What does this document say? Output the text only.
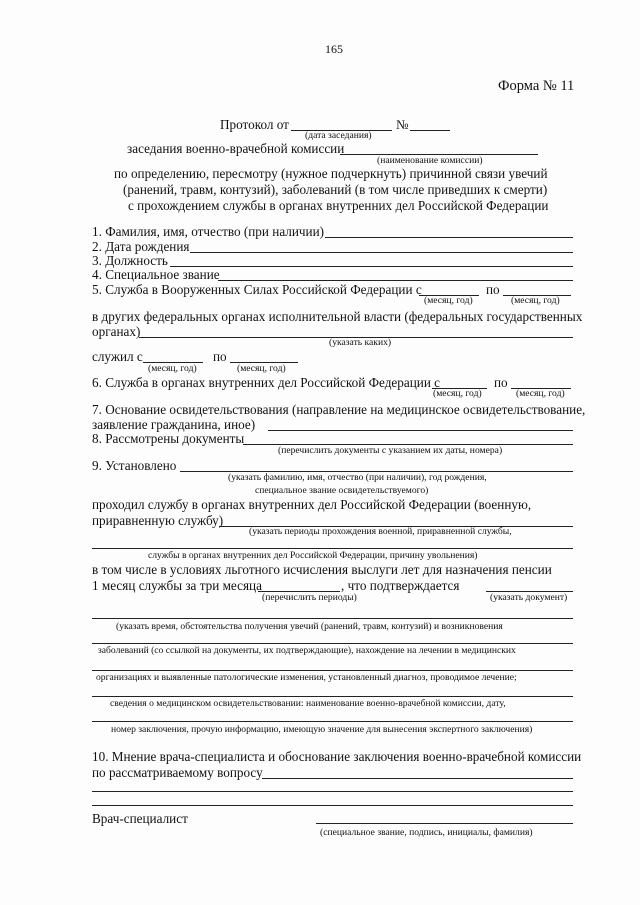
165
Форма № 11
Протокол от	№
(дата заседания)
заседания военно-врачебной комиссии
(наименование комиссии)
по определению, пересмотру (нужное подчеркнуть) причинной связи увечий
(ранений, травм, контузий), заболеваний (в том числе приведших к смерти)
с прохождением службы в органах внутренних дел Российской Федерации
1. Фамилия, имя, отчество (при наличии)
2. Дата рождения
3. Должность
4. Специальное звание
5. Служба в Вооруженных Силах Российской Федерации с	по
(месяц, год)	(месяц, год)
в других федеральных органах исполнительной власти (федеральных государственных
органах)
(указать каких)
служил с	по
(месяц, год)	(месяц, год)
6. Служба в органах внутренних дел Российской Федерации с	по
(месяц, год)	(месяц, год)
7. Основание освидетельствования (направление на медицинское освидетельствование,
заявление гражданина, иное)
8. Рассмотрены документы
(перечислить документы с указанием их даты, номера)
9. Установлено
(указать фамилию, имя, отчество (при наличии), год рождения,
специальное звание освидетельствуемого)
проходил службу в органах внутренних дел Российской Федерации (военную,
приравненную службу)
(указать периоды прохождения военной, приравненной службы,
службы в органах внутренних дел Российской Федерации, причину увольнения)
в том числе в условиях льготного исчисления выслуги лет для назначения пенсии
1 месяц службы за три месяца	, что подтверждается
(перечислить периоды)	(указать документ)
(указать время, обстоятельства получения увечий (ранений, травм, контузий) и возникновения
заболеваний (со ссылкой на документы, их подтверждающие), нахождение на лечении в медицинских
организациях и выявленные патологические изменения, установленный диагноз, проводимое лечение;
сведения о медицинском освидетельствовании: наименование военно-врачебной комиссии, дату,
номер заключения, прочую информацию, имеющую значение для вынесения экспертного заключения)
10. Мнение врача-специалиста и обоснование заключения военно-врачебной комиссии
по рассматриваемому вопросу
Врач-специалист
(специальное звание, подпись, инициалы, фамилия)
